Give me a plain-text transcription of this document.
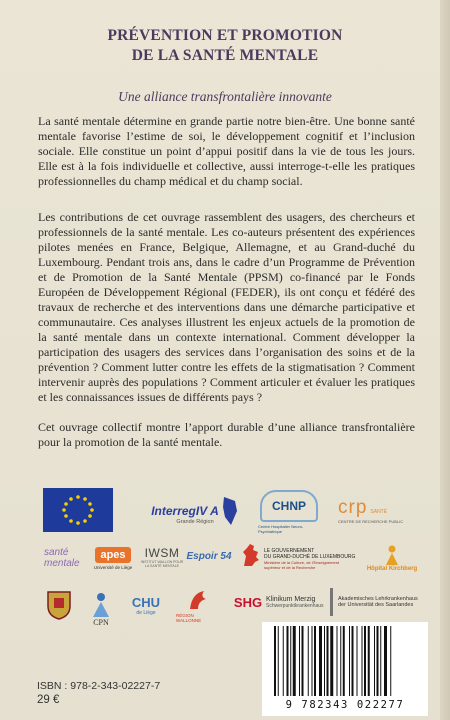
PRÉVENTION ET PROMOTION
DE LA SANTÉ MENTALE
Une alliance transfrontalière innovante
La santé mentale détermine en grande partie notre bien-être. Une bonne santé mentale favorise l’estime de soi, le développement cognitif et l’inclusion sociale. Elle constitue un point d’appui positif dans la vie de tous les jours. Elle est à la fois individuelle et collective, aussi interroge-t-elle les pratiques professionnelles du champ médical et du champ social.
Les contributions de cet ouvrage rassemblent des usagers, des chercheurs et professionnels de la santé mentale. Les co-auteurs présentent des expériences pilotes menées en France, Belgique, Allemagne, et au Grand-duché du Luxembourg. Pendant trois ans, dans le cadre d’un Programme de Prévention et de Promotion de la Santé Mentale (PPSM) co-financé par le Fonds Européen de Développement Régional (FEDER), ils ont conçu et fédéré des travaux de recherche et des interventions dans une démarche participative et communautaire. Ces analyses illustrent les enjeux actuels de la promotion de la santé mentale dans un contexte international. Comment développer la participation des usagers des services dans l’organisation des soins et de la prévention ? Comment lutter contre les effets de la stigmatisation ? Comment intervenir auprès des populations ? Comment articuler et évaluer les pratiques et les connaissances issues de différents pays ?
Cet ouvrage collectif montre l’apport durable d’une alliance transfrontalière pour la promotion de la santé mentale.
InterregIV A
Grande Région
CHNP
Centre Hospitalier Neuro-Psychiatrique
crp SANTÉ
CENTRE DE RECHERCHE PUBLIC
santé mentale
apes
Université de Liège
IWSM
INSTITUT WALLON POUR LA SANTÉ MENTALE
Espoir 54	LE GOUVERNEMENT
DU GRAND-DUCHÉ DE LUXEMBOURG
Ministère de la Culture, de l'Enseignement supérieur et de la Recherche	Hôpital Kirchberg
CPN
CHU
de Liège	RÉGION WALLONNE
SHG Klinikum Merzig
Schwerpunktkrankenhaus
Akademisches Lehrkrankenhaus
der Universität des Saarlandes
ISBN : 978-2-343-02227-7
29 €	9 782343 022277
